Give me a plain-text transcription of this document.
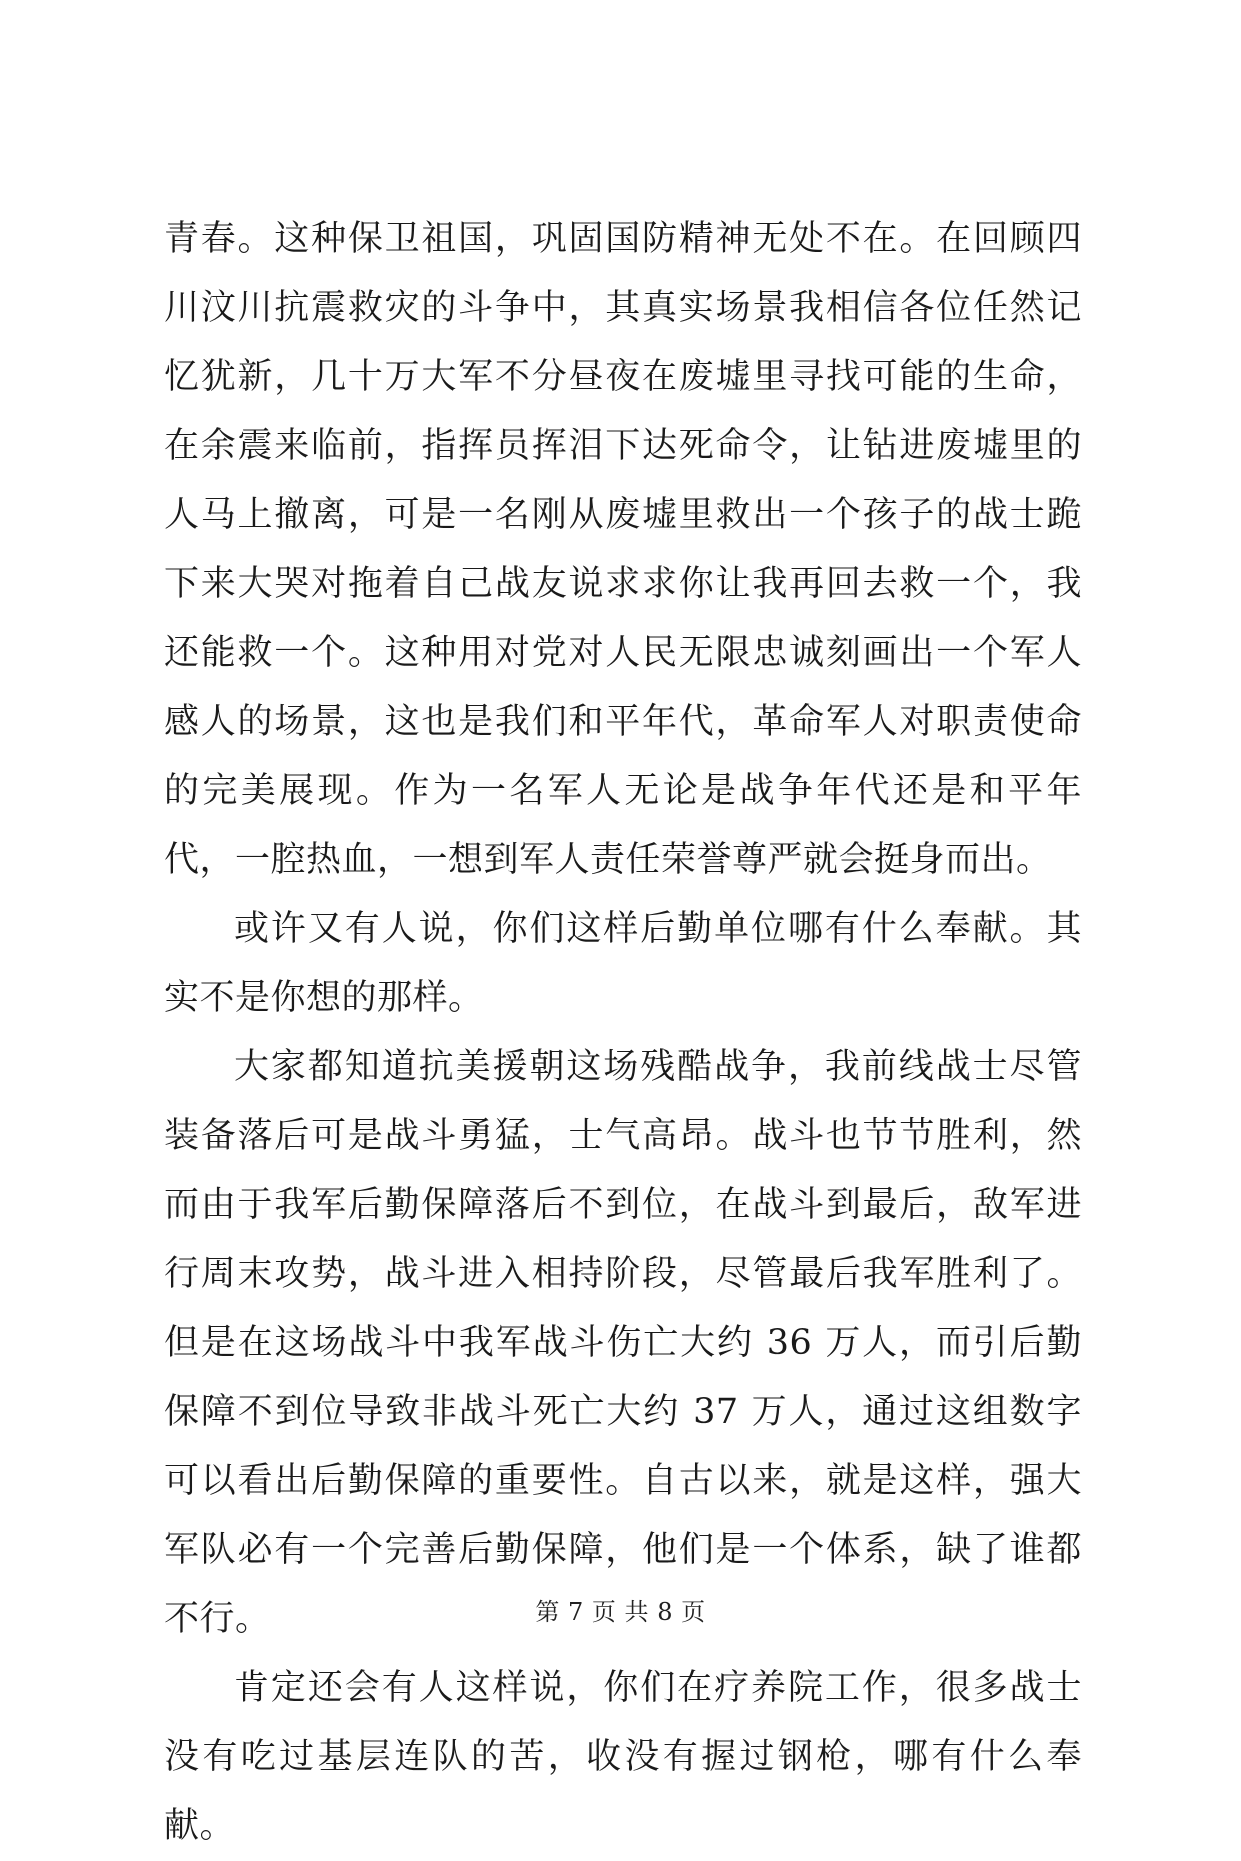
青春。这种保卫祖国，巩固国防精神无处不在。在回顾四川汶川抗震救灾的斗争中，其真实场景我相信各位任然记忆犹新，几十万大军不分昼夜在废墟里寻找可能的生命，在余震来临前，指挥员挥泪下达死命令，让钻进废墟里的人马上撤离，可是一名刚从废墟里救出一个孩子的战士跪下来大哭对拖着自己战友说求求你让我再回去救一个，我还能救一个。这种用对党对人民无限忠诚刻画出一个军人感人的场景，这也是我们和平年代，革命军人对职责使命的完美展现。作为一名军人无论是战争年代还是和平年代，一腔热血，一想到军人责任荣誉尊严就会挺身而出。

或许又有人说，你们这样后勤单位哪有什么奉献。其实不是你想的那样。

大家都知道抗美援朝这场残酷战争，我前线战士尽管装备落后可是战斗勇猛，士气高昂。战斗也节节胜利，然而由于我军后勤保障落后不到位，在战斗到最后，敌军进行周末攻势，战斗进入相持阶段，尽管最后我军胜利了。但是在这场战斗中我军战斗伤亡大约 36 万人，而引后勤保障不到位导致非战斗死亡大约 37 万人，通过这组数字可以看出后勤保障的重要性。自古以来，就是这样，强大军队必有一个完善后勤保障，他们是一个体系，缺了谁都不行。

肯定还会有人这样说，你们在疗养院工作，很多战士没有吃过基层连队的苦，收没有握过钢枪，哪有什么奉献。

第 7 页 共 8 页
